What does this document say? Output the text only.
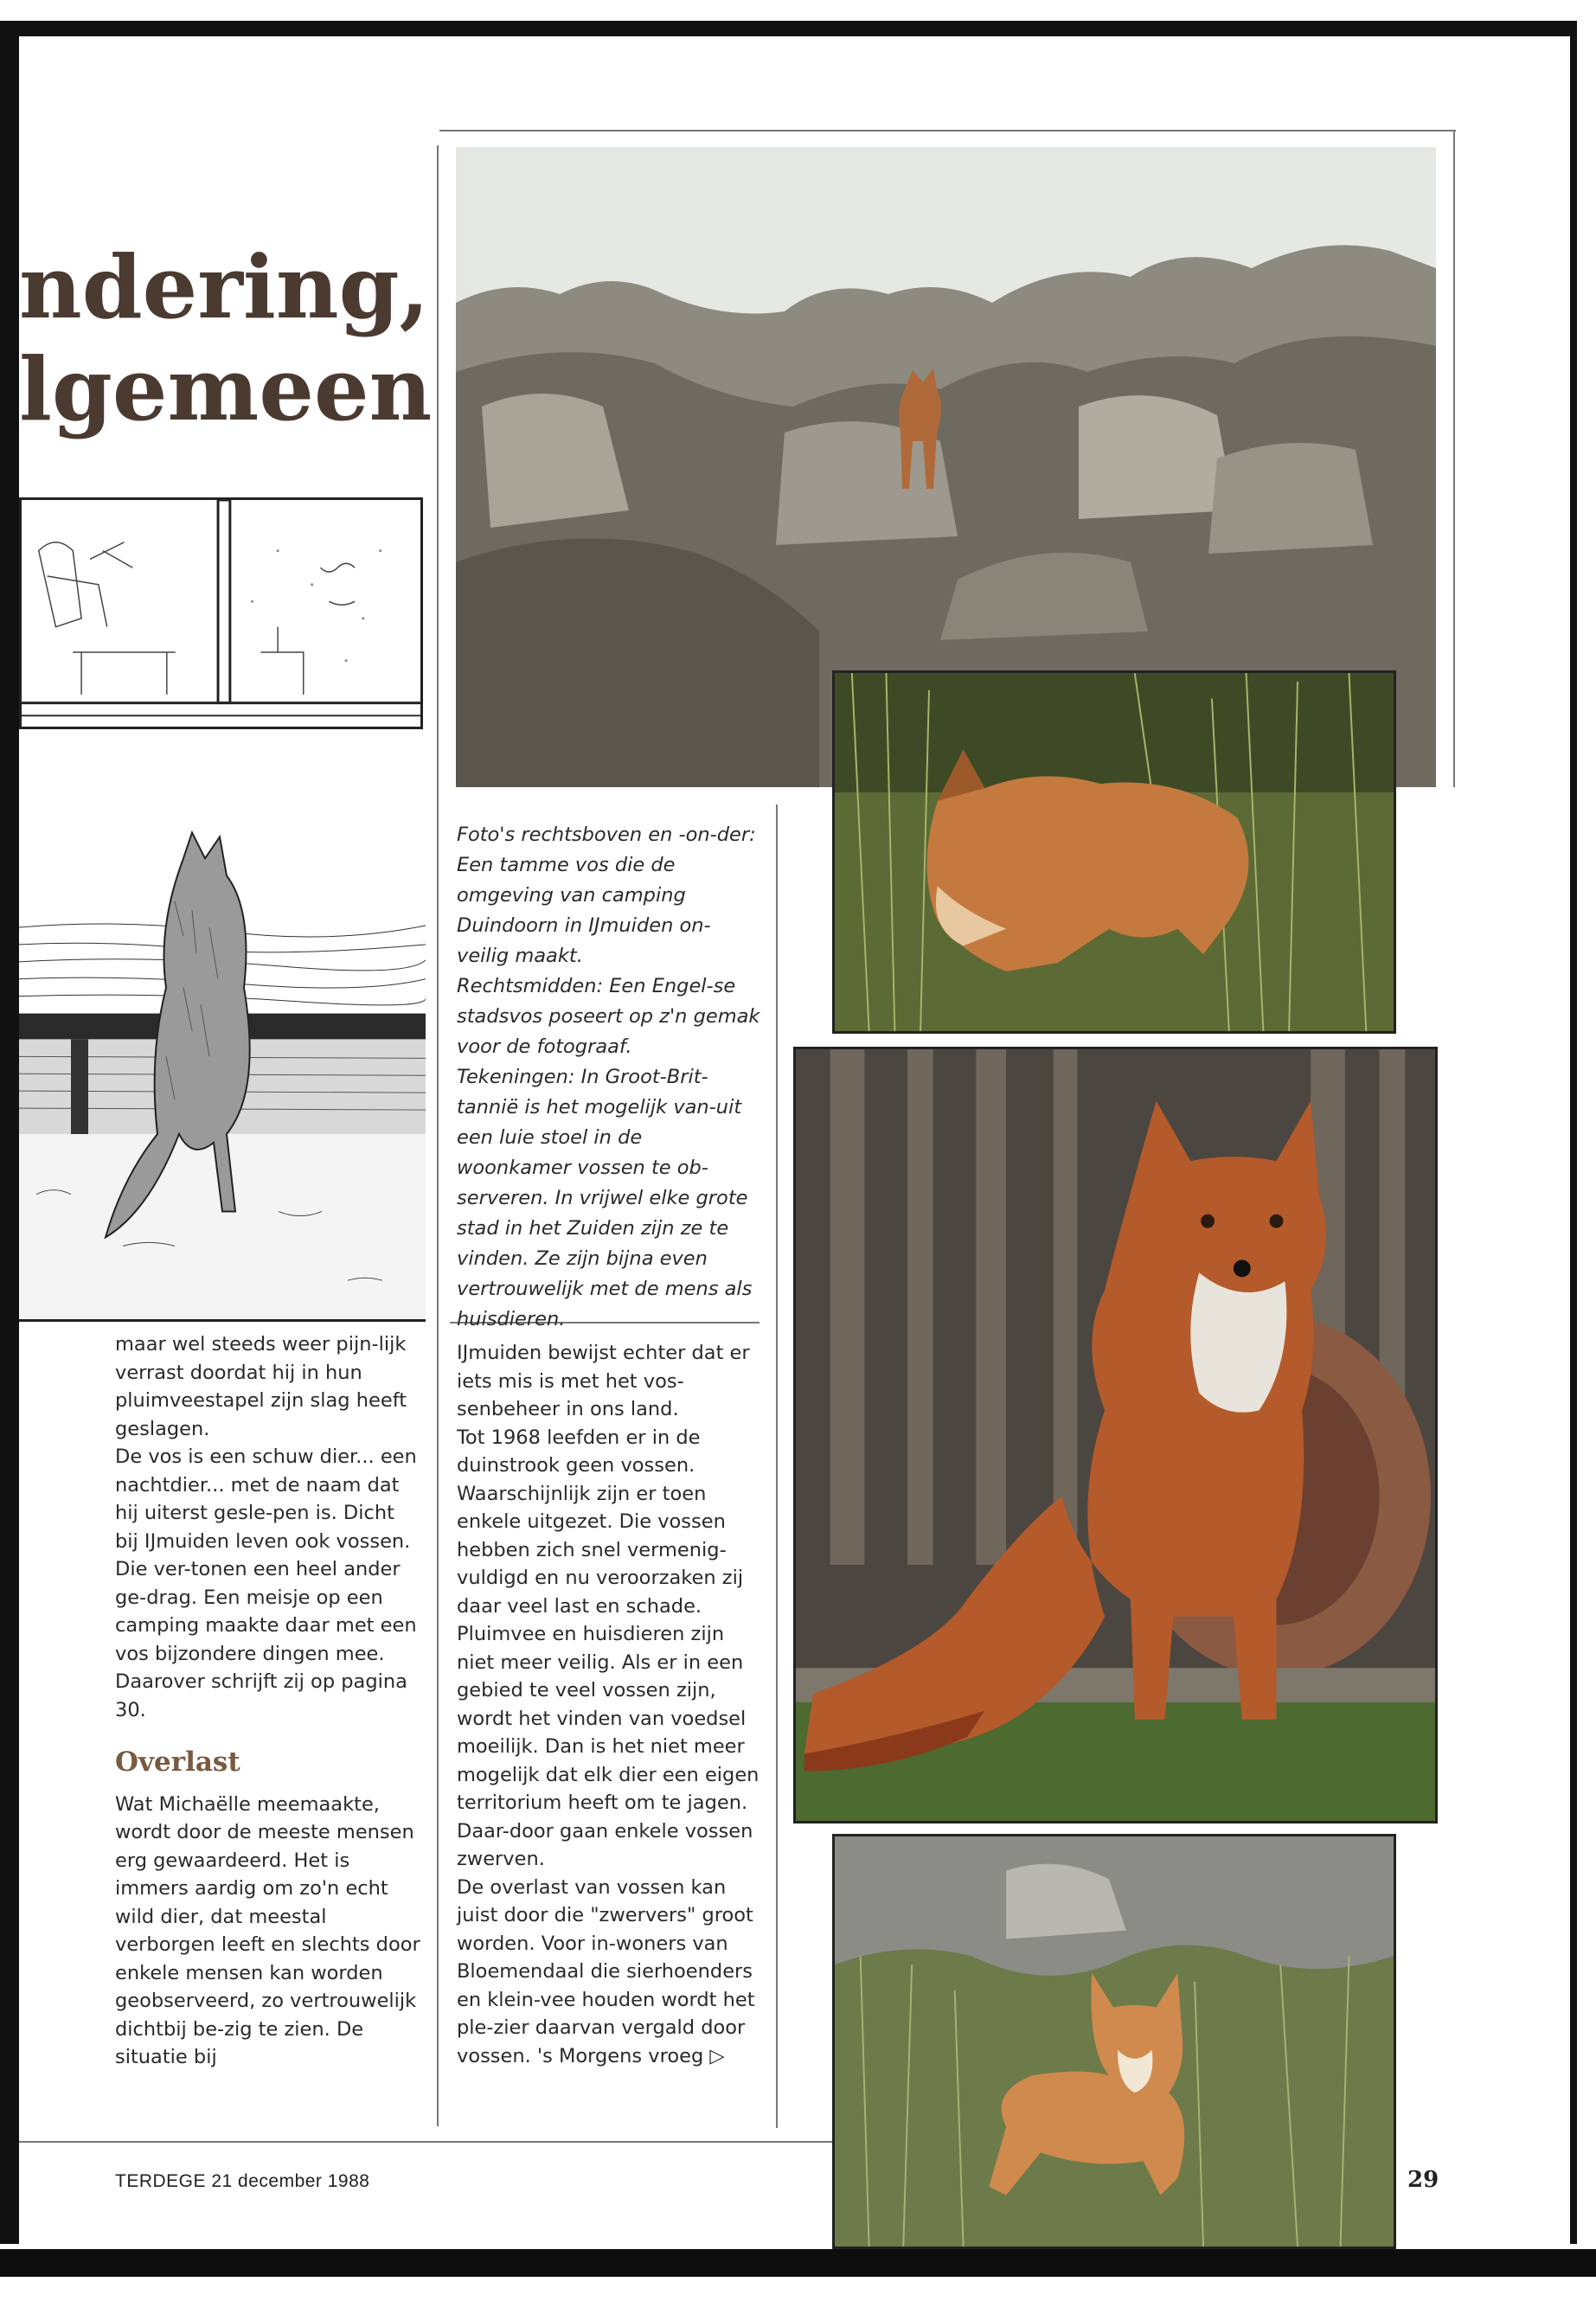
ndering,
lgemeen

maar wel steeds weer pijn-lijk verrast doordat hij in hun pluimveestapel zijn slag heeft geslagen.

De vos is een schuw dier... een nachtdier... met de naam dat hij uiterst gesle-pen is. Dicht bij IJmuiden leven ook vossen. Die ver-tonen een heel ander ge-drag. Een meisje op een camping maakte daar met een vos bijzondere dingen mee. Daarover schrijft zij op pagina 30.

Overlast

Wat Michaëlle meemaakte, wordt door de meeste mensen erg gewaardeerd. Het is immers aardig om zo'n echt wild dier, dat meestal verborgen leeft en slechts door enkele mensen kan worden geobserveerd, zo vertrouwelijk dichtbij be-zig te zien. De situatie bij

Foto's rechtsboven en -on-der: Een tamme vos die de omgeving van camping Duindoorn in IJmuiden on-veilig maakt.

Rechtsmidden: Een Engel-se stadsvos poseert op z'n gemak voor de fotograaf.

Tekeningen: In Groot-Brit-tannië is het mogelijk van-uit een luie stoel in de woonkamer vossen te ob-serveren. In vrijwel elke grote stad in het Zuiden zijn ze te vinden. Ze zijn bijna even vertrouwelijk met de mens als huisdieren.

IJmuiden bewijst echter dat er iets mis is met het vos-senbeheer in ons land.

Tot 1968 leefden er in de duinstrook geen vossen. Waarschijnlijk zijn er toen enkele uitgezet. Die vossen hebben zich snel vermenig-vuldigd en nu veroorzaken zij daar veel last en schade. Pluimvee en huisdieren zijn niet meer veilig. Als er in een gebied te veel vossen zijn, wordt het vinden van voedsel moeilijk. Dan is het niet meer mogelijk dat elk dier een eigen territorium heeft om te jagen. Daar-door gaan enkele vossen zwerven.

De overlast van vossen kan juist door die "zwervers" groot worden. Voor in-woners van Bloemendaal die sierhoenders en klein-vee houden wordt het ple-zier daarvan vergald door vossen. 's Morgens vroeg ▷

TERDEGE 21 december 1988	29
